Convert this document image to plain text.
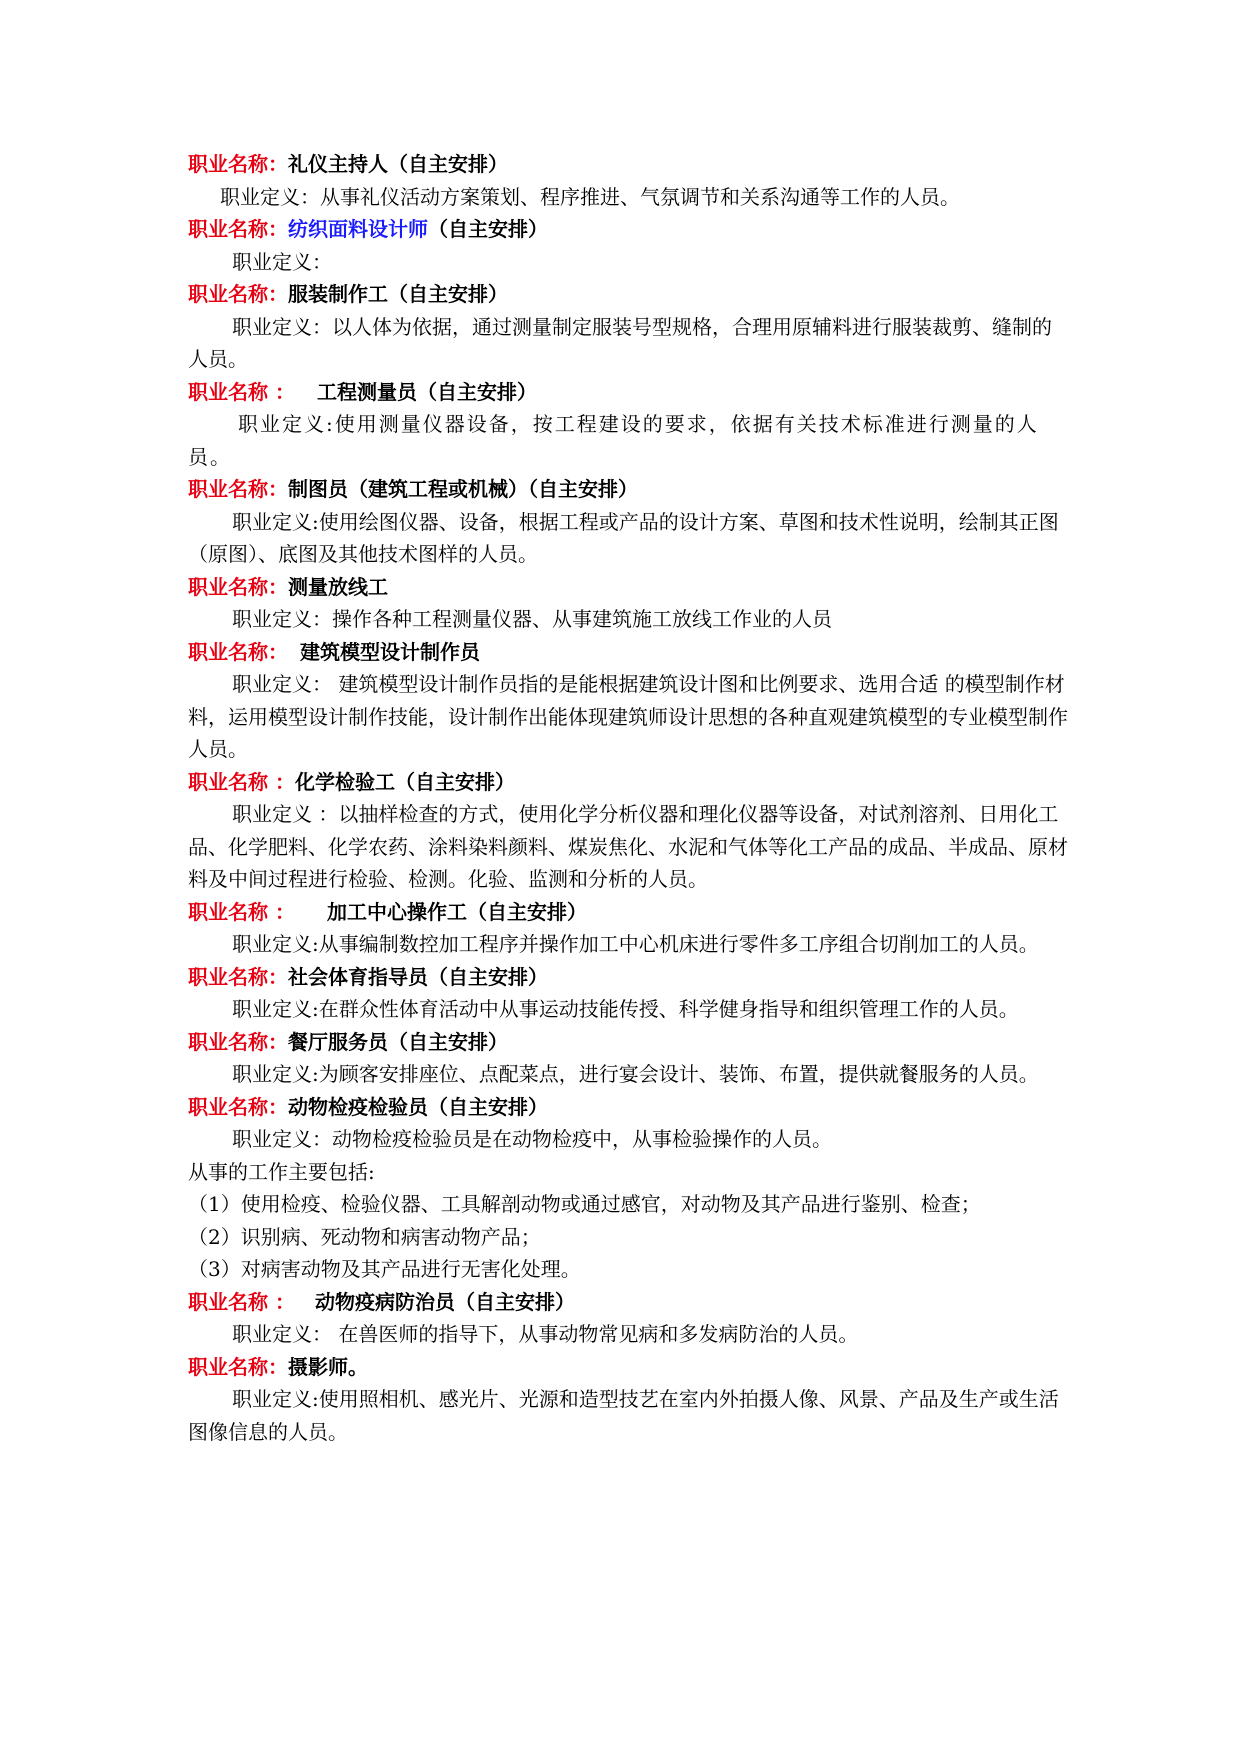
职业名称：礼仪主持人（自主安排）

职业定义：从事礼仪活动方案策划、程序推进、气氛调节和关系沟通等工作的人员。

职业名称：纺织面料设计师（自主安排）

职业定义：

职业名称：服装制作工（自主安排）

职业定义：以人体为依据，通过测量制定服装号型规格，合理用原辅料进行服装裁剪、缝制的人员。

职业名称 ： 工程测量员（自主安排）

职业定义:使用测量仪器设备，按工程建设的要求，依据有关技术标准进行测量的人员。

职业名称：制图员（建筑工程或机械）（自主安排）

职业定义:使用绘图仪器、设备，根据工程或产品的设计方案、草图和技术性说明，绘制其正图（原图）、底图及其他技术图样的人员。

职业名称：测量放线工

职业定义：操作各种工程测量仪器、从事建筑施工放线工作业的人员

职业名称： 建筑模型设计制作员

职业定义： 建筑模型设计制作员指的是能根据建筑设计图和比例要求、选用合适 的模型制作材料，运用模型设计制作技能，设计制作出能体现建筑师设计思想的各种直观建筑模型的专业模型制作人员。

职业名称 ：化学检验工（自主安排）

职业定义 ：以抽样检查的方式，使用化学分析仪器和理化仪器等设备，对试剂溶剂、日用化工品、化学肥料、化学农药、涂料染料颜料、煤炭焦化、水泥和气体等化工产品的成品、半成品、原材料及中间过程进行检验、检测。化验、监测和分析的人员。

职业名称 ： 加工中心操作工（自主安排）

职业定义:从事编制数控加工程序并操作加工中心机床进行零件多工序组合切削加工的人员。

职业名称：社会体育指导员（自主安排）

职业定义:在群众性体育活动中从事运动技能传授、科学健身指导和组织管理工作的人员。

职业名称：餐厅服务员（自主安排）

职业定义:为顾客安排座位、点配菜点，进行宴会设计、装饰、布置，提供就餐服务的人员。

职业名称：动物检疫检验员（自主安排）

职业定义：动物检疫检验员是在动物检疫中，从事检验操作的人员。

从事的工作主要包括:

（1）使用检疫、检验仪器、工具解剖动物或通过感官，对动物及其产品进行鉴别、检查；

（2）识别病、死动物和病害动物产品；

（3）对病害动物及其产品进行无害化处理。

职业名称 ： 动物疫病防治员（自主安排）

职业定义： 在兽医师的指导下，从事动物常见病和多发病防治的人员。

职业名称：摄影师。

职业定义:使用照相机、感光片、光源和造型技艺在室内外拍摄人像、风景、产品及生产或生活图像信息的人员。
